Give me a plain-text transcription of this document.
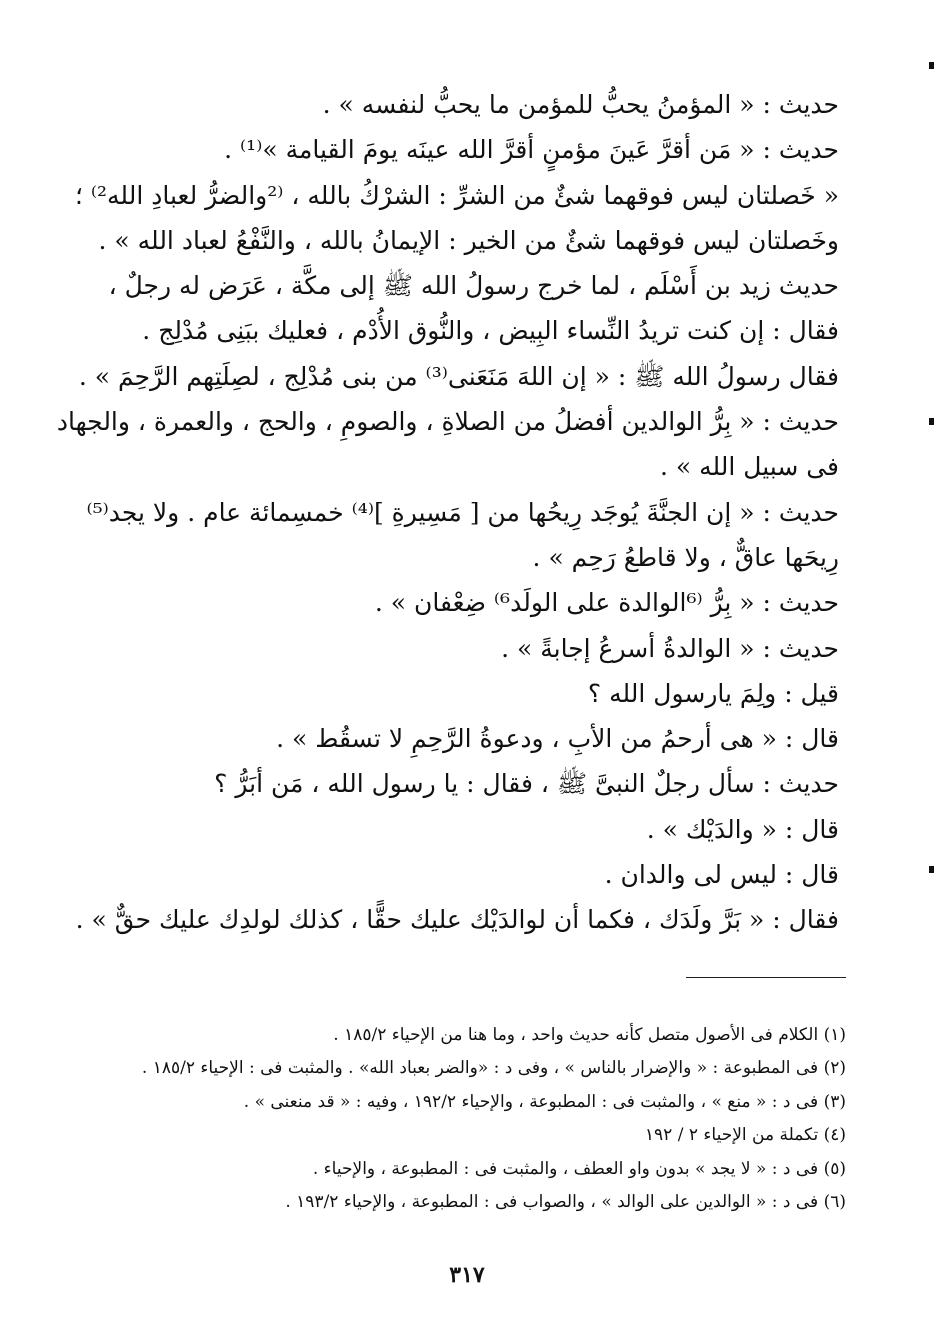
حديث : « المؤمنُ يحبُّ للمؤمن ما يحبُّ لنفسه » .
حديث : « مَن أقرَّ عَينَ مؤمنٍ أقرَّ الله عينَه يومَ القيامة »⁽¹⁾ .
« خَصلتان ليس فوقهما شئٌ من الشرِّ : الشرْكُ بالله ، ⁽²والضرُّ لعبادِ الله²⁾ ؛
وخَصلتان ليس فوقهما شئٌ من الخير : الإيمانُ بالله ، والنَّفْعُ لعباد الله » .
حديث زيد بن أَسْلَم ، لما خرج رسولُ الله ﷺ إلى مكَّة ، عَرَض له رجلٌ ،
فقال : إن كنت تريدُ النِّساء البِيض ، والنُّوق الأُدْم ، فعليك ببَنِى مُدْلِج .
فقال رسولُ الله ﷺ : « إن اللهَ مَنَعَنى⁽³⁾ من بنى مُدْلِج ، لصِلَتِهم الرَّحِمَ » .
حديث : « بِرُّ الوالدين أفضلُ من الصلاةِ ، والصومِ ، والحج ، والعمرة ، والجهاد
فى سبيل الله » .
حديث : « إن الجنَّةَ يُوجَد رِيحُها من [ مَسِيرةِ ]⁽⁴⁾ خمسِمائة عام . ولا يجد⁽⁵⁾
رِيحَها عاقٌّ ، ولا قاطعُ رَحِم » .
حديث : « بِرُّ ⁽⁶الوالدة على الولَد⁶⁾ ضِعْفان » .
حديث : « الوالدةُ أسرعُ إجابةً » .
قيل : ولِمَ يارسول الله ؟
قال : « هى أرحمُ من الأبِ ، ودعوةُ الرَّحِمِ لا تسقُط » .
حديث : سأل رجلٌ النبىَّ ﷺ ، فقال : يا رسول الله ، مَن أبَرُّ ؟
قال : « والدَيْك » .
قال : ليس لى والدان .
فقال : « بَرَّ ولَدَك ، فكما أن لوالدَيْك عليك حقًّا ، كذلك لولدِك عليك حقٌّ » .
(١) الكلام فى الأصول متصل كأنه حديث واحد ، وما هنا من الإحياء ١٨٥/٢ .
(٢) فى المطبوعة : « والإضرار بالناس » ، وفى د : «والضر بعباد الله» . والمثبت فى : الإحياء ١٨٥/٢ .
(٣) فى د : « منع » ، والمثبت فى : المطبوعة ، والإحياء ١٩٢/٢ ، وفيه : « قد منعنى » .
(٤) تكملة من الإحياء ٢ / ١٩٢
(٥) فى د : « لا يجد » بدون واو العطف ، والمثبت فى : المطبوعة ، والإحياء .
(٦) فى د : « الوالدين على الوالد » ، والصواب فى : المطبوعة ، والإحياء ١٩٣/٢ .
٣١٧
